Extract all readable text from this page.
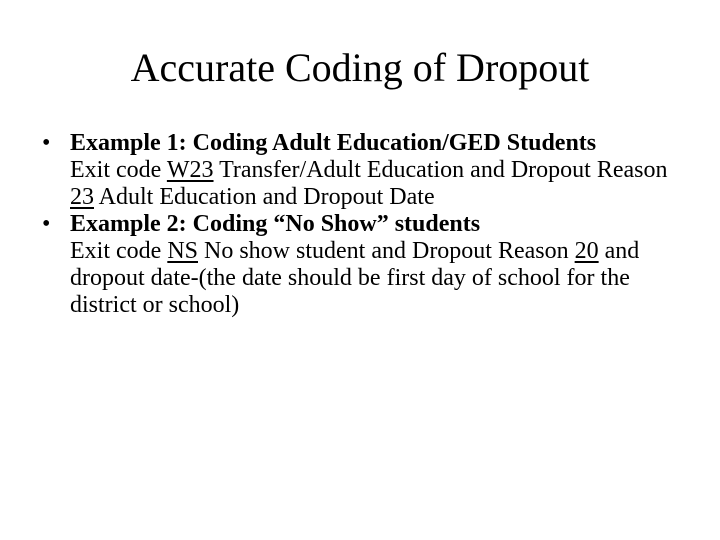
Accurate Coding of Dropout
• Example 1: Coding Adult Education/GED Students
Exit code W23 Transfer/Adult Education and Dropout Reason 23 Adult Education and Dropout Date
• Example 2: Coding “No Show” students
Exit code NS No show student and Dropout Reason 20 and dropout date-(the date should be first day of school for the district or school)
